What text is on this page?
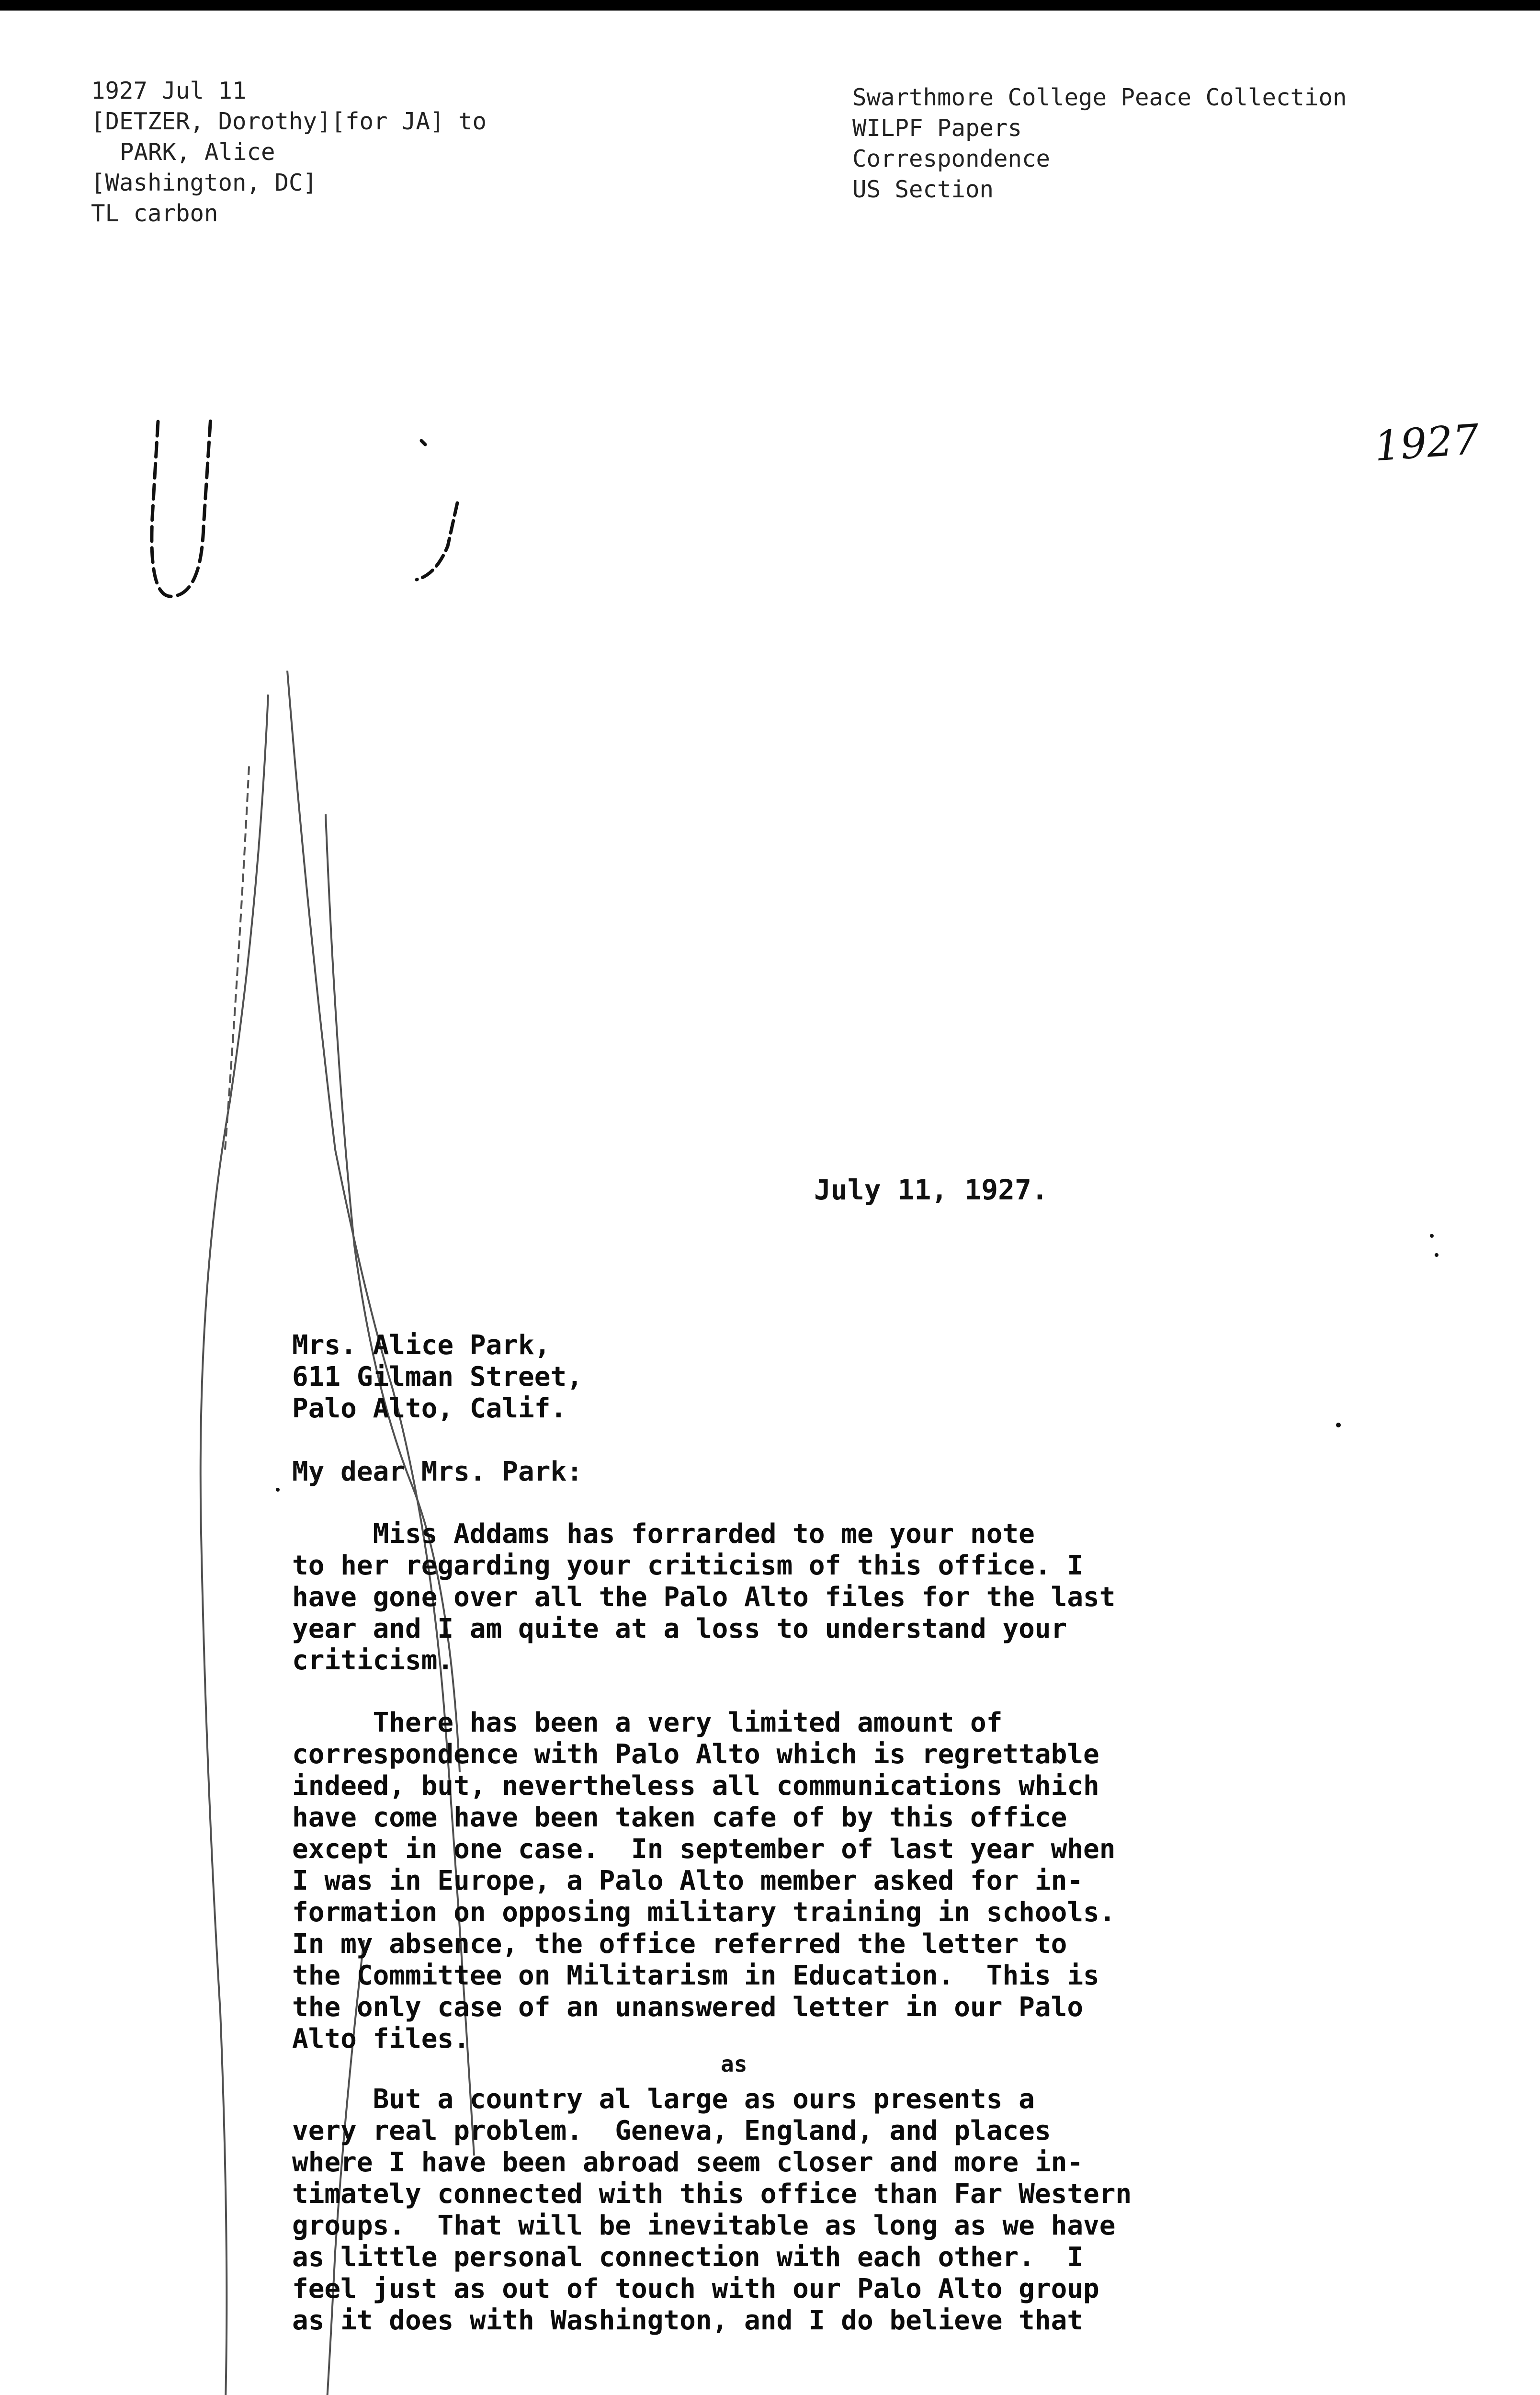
1927 Jul 11
[DETZER, Dorothy][for JA] to
PARK, Alice
[Washington, DC]
TL carbon
Swarthmore College Peace Collection
WILPF Papers
Correspondence
US Section
1927
July 11, 1927.
Mrs. Alice Park,
611 Gilman Street,
Palo Alto, Calif.
My dear Mrs. Park:
Miss Addams has forrarded to me your note
to her regarding your criticism of this office. I
have gone over all the Palo Alto files for the last
year and I am quite at a loss to understand your
criticism.
There has been a very limited amount of
correspondence with Palo Alto which is regrettable
indeed, but, nevertheless all communications which
have come have been taken cafe of by this office
except in one case.  In september of last year when
I was in Europe, a Palo Alto member asked for in-
formation on opposing military training in schools.
In my absence, the office referred the letter to
the Committee on Militarism in Education.  This is
the only case of an unanswered letter in our Palo
Alto files.
as
But a country al large as ours presents a
very real problem.  Geneva, England, and places
where I have been abroad seem closer and more in-
timately connected with this office than Far Western
groups.  That will be inevitable as long as we have
as little personal connection with each other.  I
feel just as out of touch with our Palo Alto group
as it does with Washington, and I do believe that
